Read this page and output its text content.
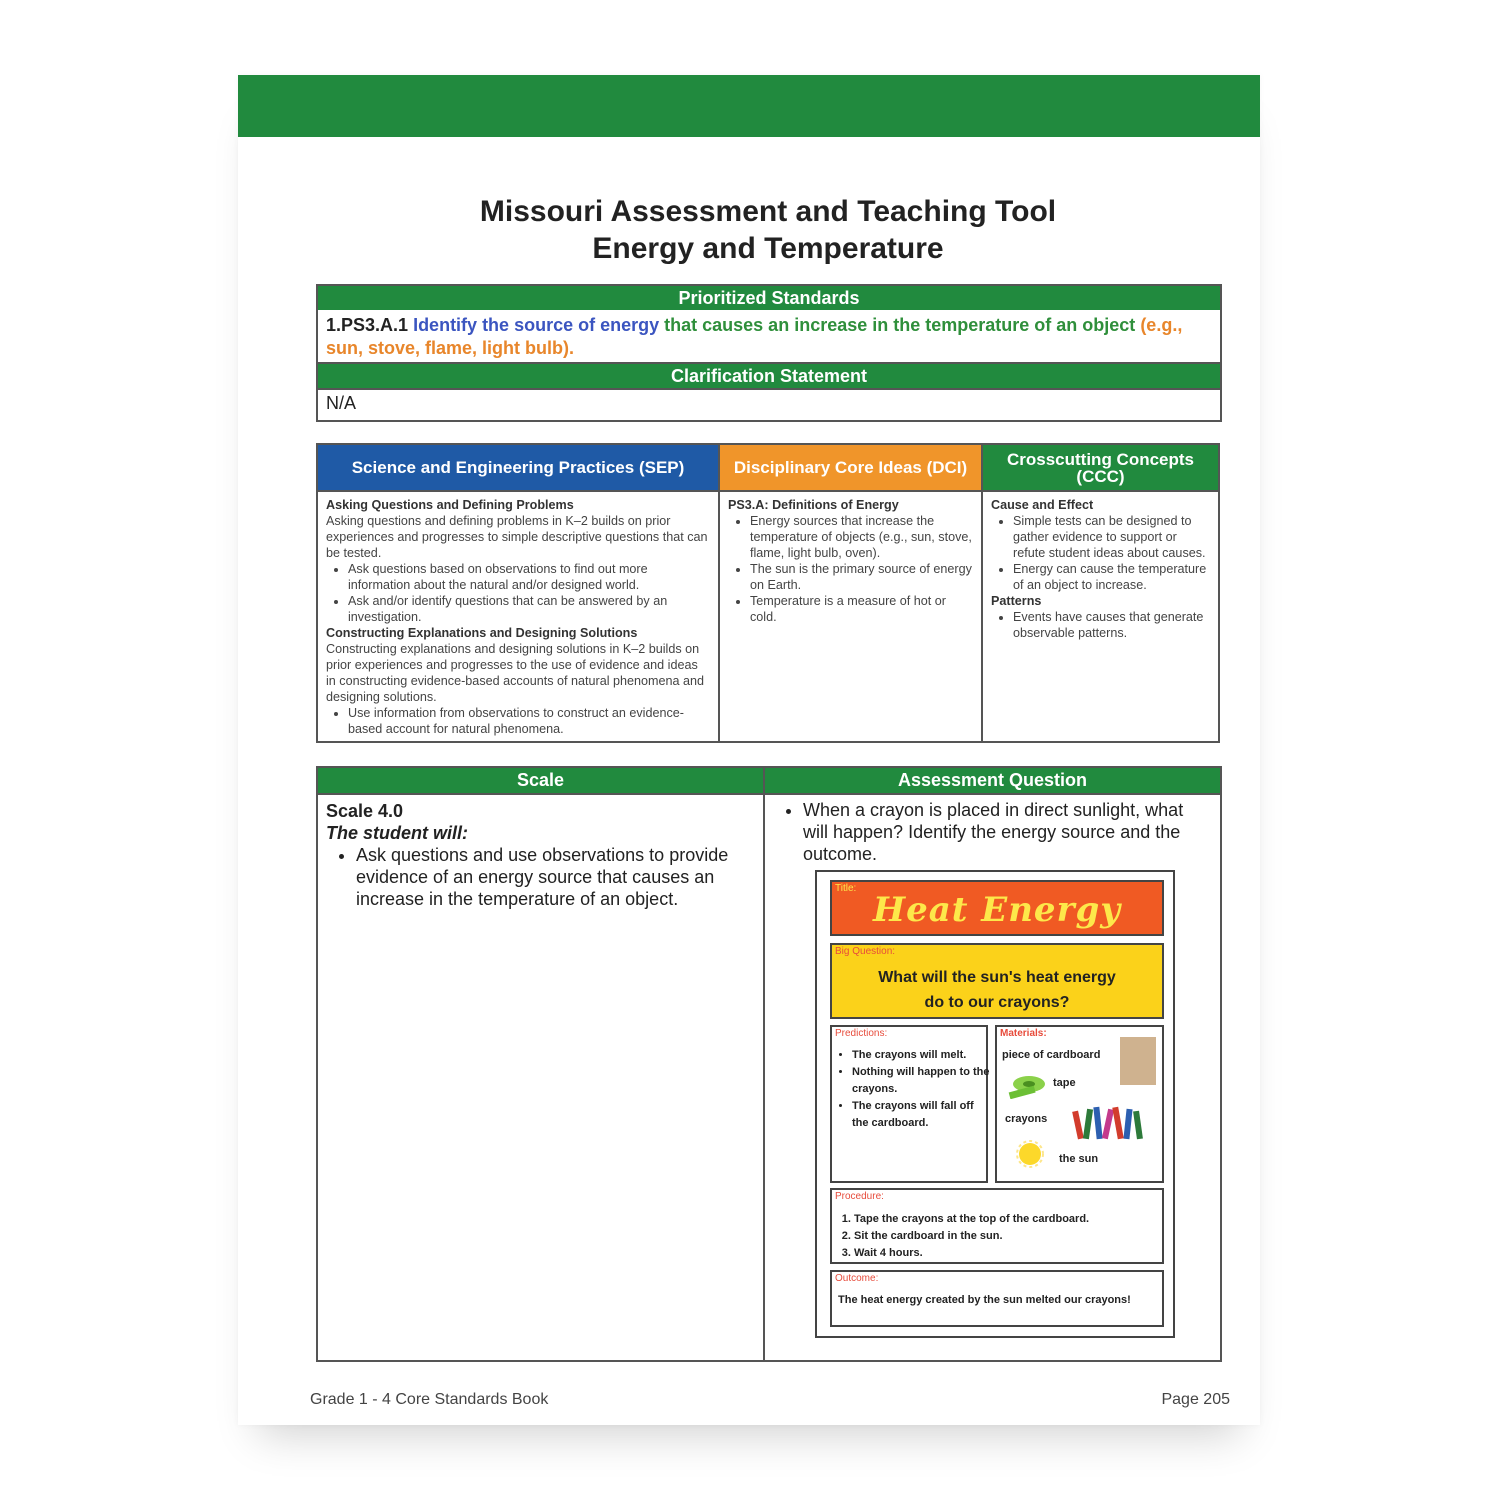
Missouri Assessment and Teaching Tool
Energy and Temperature
Prioritized Standards
1.PS3.A.1 Identify the source of energy that causes an increase in the temperature of an object (e.g., sun, stove, flame, light bulb).
Clarification Statement
N/A
Science and Engineering Practices (SEP)
Asking Questions and Defining Problems

Asking questions and defining problems in K–2 builds on prior experiences and progresses to simple descriptive questions that can be tested.

• Ask questions based on observations to find out more information about the natural and/or designed world.
• Ask and/or identify questions that can be answered by an investigation.
Constructing Explanations and Designing Solutions

Constructing explanations and designing solutions in K–2 builds on prior experiences and progresses to the use of evidence and ideas in constructing evidence-based accounts of natural phenomena and designing solutions.

• Use information from observations to construct an evidence-based account for natural phenomena.
Disciplinary Core Ideas (DCI)
PS3.A: Definitions of Energy
• Energy sources that increase the temperature of objects (e.g., sun, stove, flame, light bulb, oven).
• The sun is the primary source of energy on Earth.
• Temperature is a measure of hot or cold.
Crosscutting Concepts (CCC)
Cause and Effect
• Simple tests can be designed to gather evidence to support or refute student ideas about causes.
• Energy can cause the temperature of an object to increase.
Patterns
• Events have causes that generate observable patterns.
Scale
Scale 4.0
The student will:
• Ask questions and use observations to provide evidence of an energy source that causes an increase in the temperature of an object.
Assessment Question
• When a crayon is placed in direct sunlight, what will happen? Identify the energy source and the outcome.
Title:
Heat Energy
Big Question:
What will the sun's heat energy
do to our crayons?
Predictions:
• The crayons will melt.
• Nothing will happen to the crayons.
• The crayons will fall off the cardboard.
Materials:
piece of cardboard
tape
crayons
the sun
Procedure:
1. Tape the crayons at the top of the cardboard.
2. Sit the cardboard in the sun.
3. Wait 4 hours.
Outcome:
The heat energy created by the sun melted our crayons!
Grade 1 - 4 Core Standards Book	Page 205
